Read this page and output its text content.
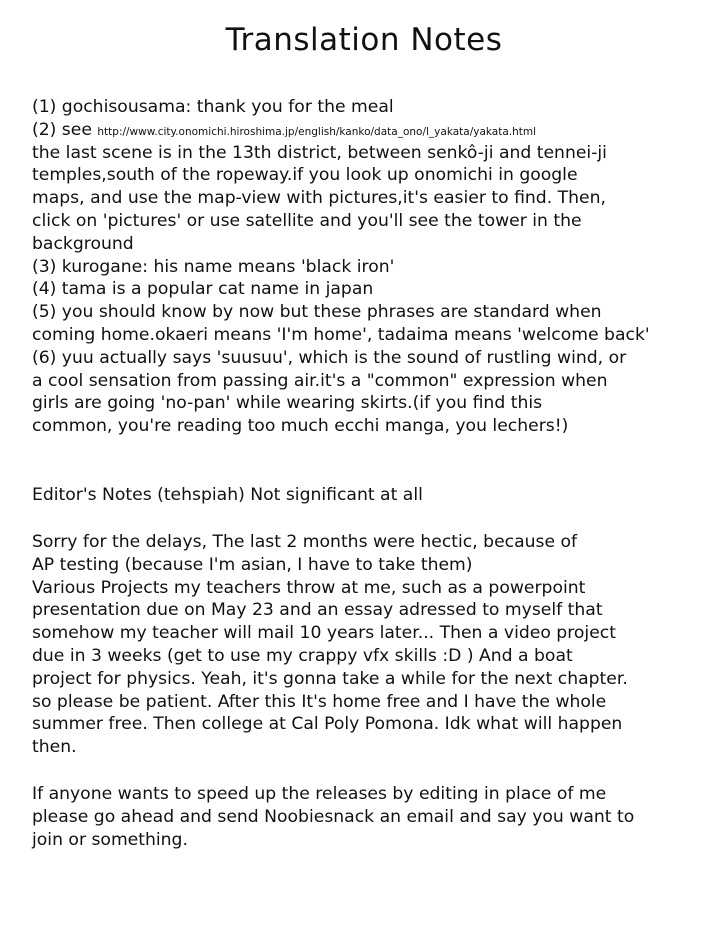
Translation Notes
(1) gochisousama: thank you for the meal
(2) see http://www.city.onomichi.hiroshima.jp/english/kanko/data_ono/l_yakata/yakata.html
the last scene is in the 13th district, between senkô-ji and tennei-ji
temples,south of the ropeway.if you look up onomichi in google
maps, and use the map-view with pictures,it's easier to find. Then,
click on 'pictures' or use satellite and you'll see the tower in the
background
(3) kurogane: his name means 'black iron'
(4) tama is a popular cat name in japan
(5) you should know by now but these phrases are standard when
coming home.okaeri means 'I'm home', tadaima means 'welcome back'
(6) yuu actually says 'suusuu', which is the sound of rustling wind, or
a cool sensation from passing air.it's a "common" expression when
girls are going 'no-pan' while wearing skirts.(if you find this
common, you're reading too much ecchi manga, you lechers!)
Editor's Notes (tehspiah) Not significant at all
Sorry for the delays, The last 2 months were hectic, because of
AP testing (because I'm asian, I have to take them)
Various Projects my teachers throw at me, such as a powerpoint
presentation due on May 23 and an essay adressed to myself that
somehow my teacher will mail 10 years later... Then a video project
due in 3 weeks (get to use my crappy vfx skills :D ) And a boat
project for physics. Yeah, it's gonna take a while for the next chapter.
so please be patient. After this It's home free and I have the whole
summer free. Then college at Cal Poly Pomona. Idk what will happen
then.
If anyone wants to speed up the releases by editing in place of me
please go ahead and send Noobiesnack an email and say you want to
join or something.
